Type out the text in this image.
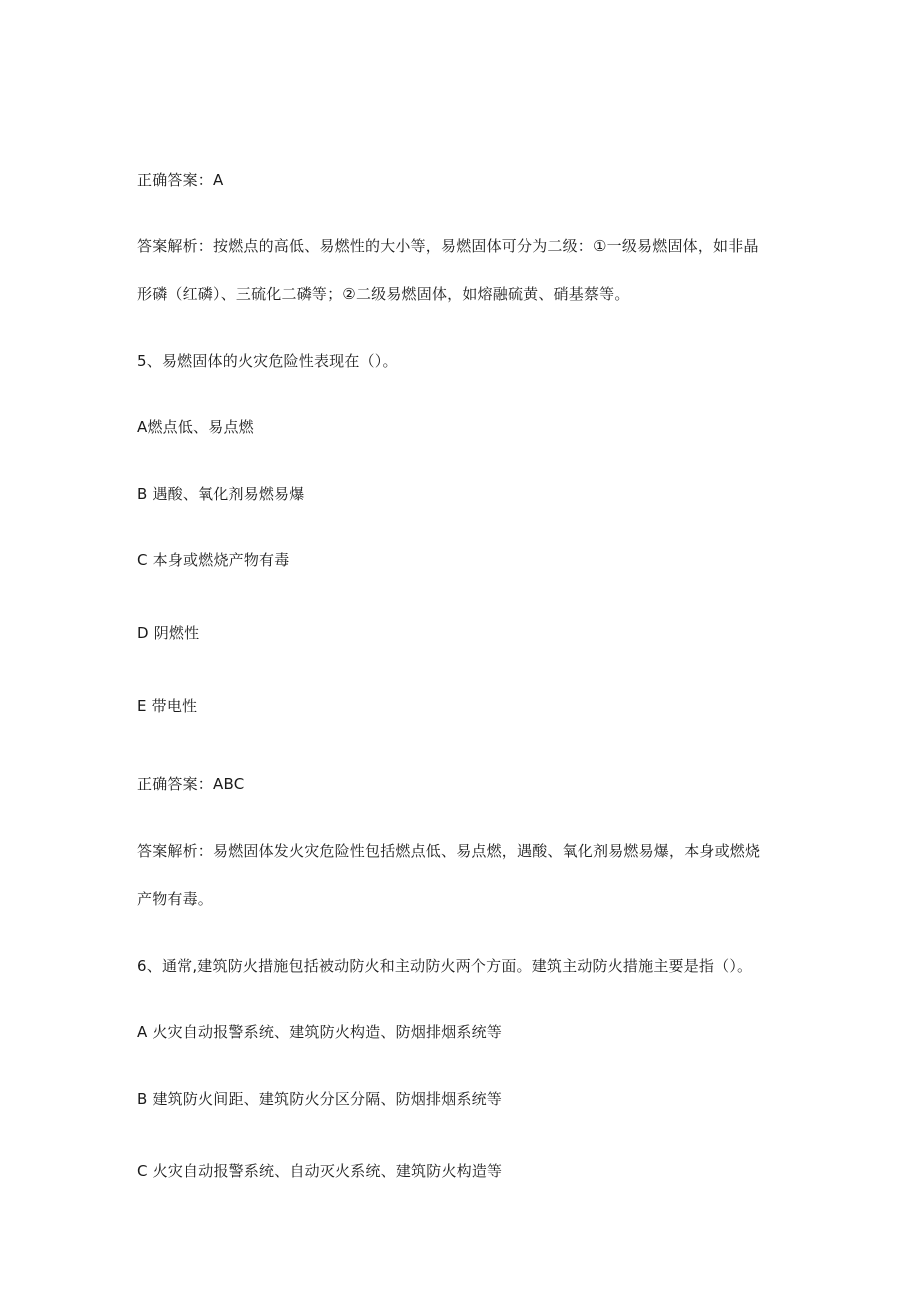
正确答案：A
答案解析：按燃点的高低、易燃性的大小等，易燃固体可分为二级：①一级易燃固体，如非晶
形磷（红磷）、三硫化二磷等；②二级易燃固体，如熔融硫黄、硝基蔡等。
5、易燃固体的火灾危险性表现在（）。
A燃点低、易点燃
B 遇酸、氧化剂易燃易爆
C 本身或燃烧产物有毒
D 阴燃性
E 带电性
正确答案：ABC
答案解析：易燃固体发火灾危险性包括燃点低、易点燃，遇酸、氧化剂易燃易爆，本身或燃烧
产物有毒。
6、通常,建筑防火措施包括被动防火和主动防火两个方面。建筑主动防火措施主要是指（）。
A 火灾自动报警系统、建筑防火构造、防烟排烟系统等
B 建筑防火间距、建筑防火分区分隔、防烟排烟系统等
C 火灾自动报警系统、自动灭火系统、建筑防火构造等
